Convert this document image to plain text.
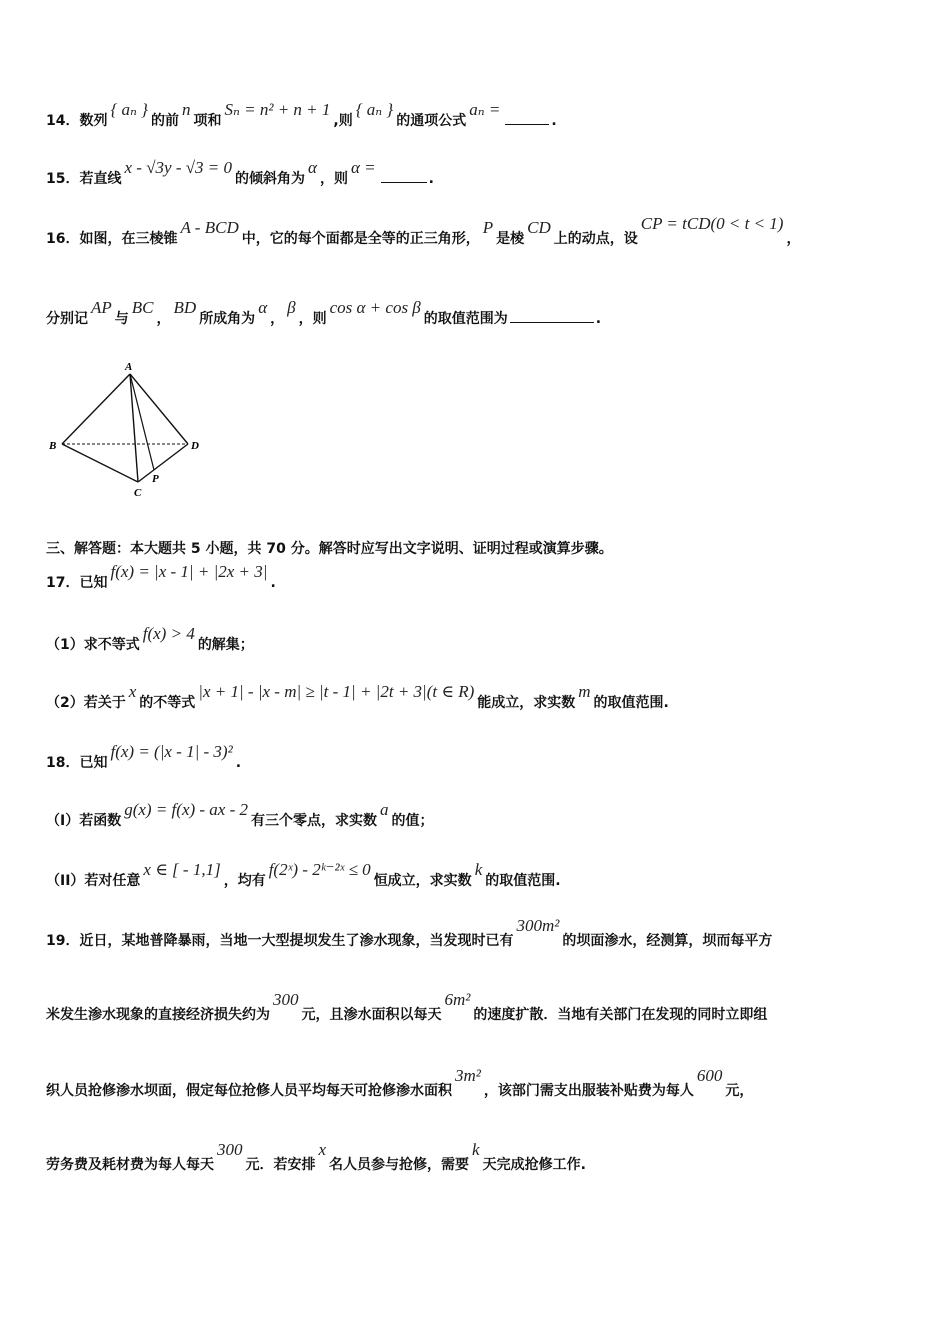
14．数列{ aₙ }的前n项和Sₙ = n² + n + 1,则{ aₙ }的通项公式aₙ =.
15．若直线x - √3y - √3 = 0的倾斜角为α，则α =.
16．如图，在三棱锥A - BCD中，它的每个面都是全等的正三角形，P是棱CD上的动点，设CP = tCD(0 < t < 1)，
分别记AP与BC，BD所成角为α，β，则cos α + cos β的取值范围为	.
A
B	D
C
P
三、解答题：本大题共 5 小题，共 70 分。解答时应写出文字说明、证明过程或演算步骤。
17．已知f(x) = |x - 1| + |2x + 3|.
（1）求不等式f(x) > 4的解集；
（2）若关于x的不等式|x + 1| - |x - m| ≥ |t - 1| + |2t + 3|(t ∈ R)能成立，求实数m的取值范围.
18．已知f(x) = (|x - 1| - 3)².
（I）若函数g(x) = f(x) - ax - 2有三个零点，求实数a的值；
（II）若对任意x ∈ [ - 1,1]，均有f(2ˣ) - 2ᵏ⁻²ˣ ≤ 0恒成立，求实数k的取值范围.
19．近日，某地普降暴雨，当地一大型提坝发生了渗水现象，当发现时已有300m²的坝面渗水，经测算，坝而每平方
米发生渗水现象的直接经济损失约为300元，且渗水面积以每天6m²的速度扩散．当地有关部门在发现的同时立即组
织人员抢修渗水坝面，假定每位抢修人员平均每天可抢修渗水面积3m²，该部门需支出服装补贴费为每人600元，
劳务费及耗材费为每人每天300元．若安排x名人员参与抢修，需要k天完成抢修工作.
